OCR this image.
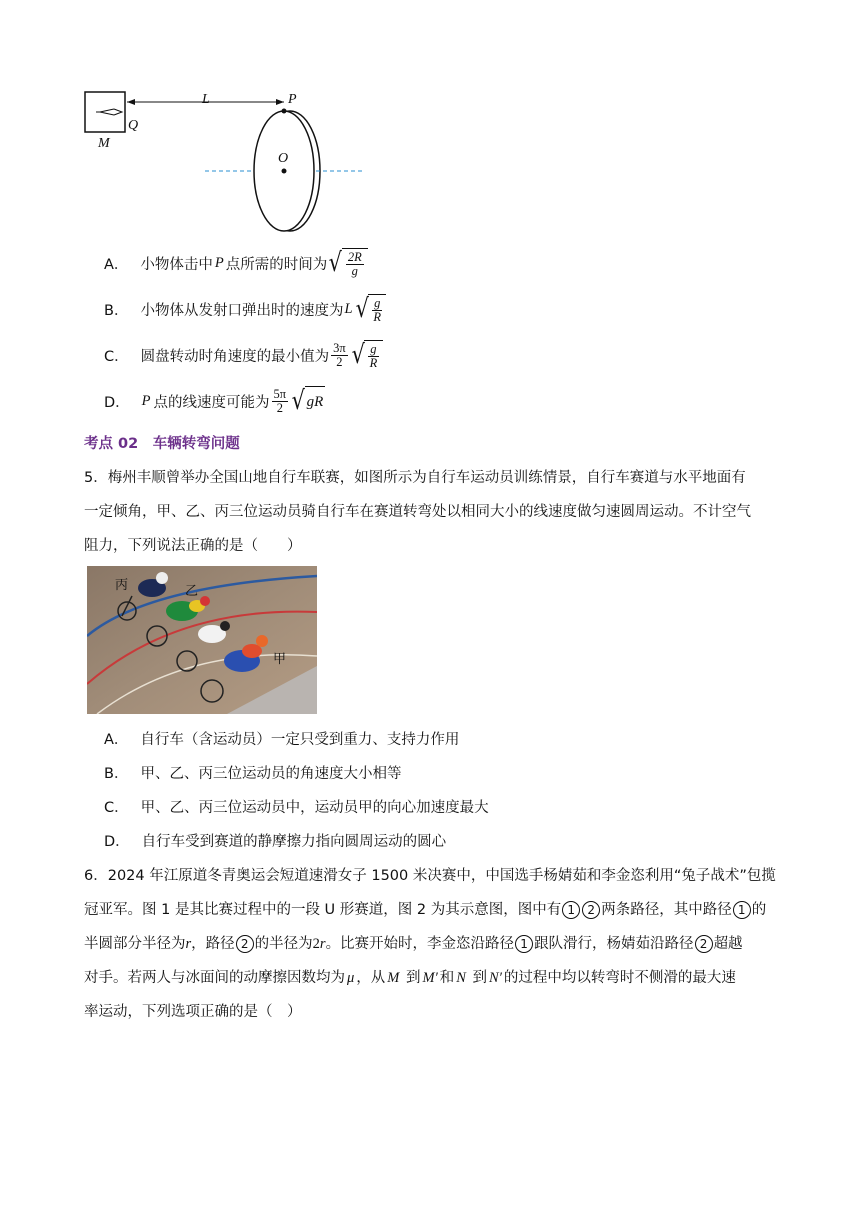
L	P
Q
M
O
A． 小物体击中 P 点所需的时间为 √ $\frac{2R}{g}$
B． 小物体从发射口弹出时的速度为 L √ $\frac{g}{R}$
C． 圆盘转动时角速度的最小值为 $\frac{3\pi}{2}$ √ $\frac{g}{R}$
D． P 点的线速度可能为 $\frac{5\pi}{2}$ √ gR
考点 02　车辆转弯问题
5．梅州丰顺曾举办全国山地自行车联赛，如图所示为自行车运动员训练情景，自行车赛道与水平地面有
一定倾角，甲、乙、丙三位运动员骑自行车在赛道转弯处以相同大小的线速度做匀速圆周运动。不计空气
阻力，下列说法正确的是（　　）
丙	乙
甲
A． 自行车（含运动员）一定只受到重力、支持力作用
B． 甲、乙、丙三位运动员的角速度大小相等
C． 甲、乙、丙三位运动员中，运动员甲的向心加速度最大
D． 自行车受到赛道的静摩擦力指向圆周运动的圆心
6．2024 年江原道冬青奥运会短道速滑女子 1500 米决赛中，中国选手杨婧茹和李金恣利用“兔子战术”包揽
冠亚军。图 1 是其比赛过程中的一段 U 形赛道，图 2 为其示意图，图中有 1 2 两条路径，其中路径 1 的
半圆部分半径为r，路径 2 的半径为2r。比赛开始时，李金恣沿路径 1 跟队滑行，杨婧茹沿路径 2 超越
对手。若两人与冰面间的动摩擦因数均为 μ ，从 M 到 M′ 和 N 到 N′ 的过程中均以转弯时不侧滑的最大速
率运动，下列选项正确的是（　）
